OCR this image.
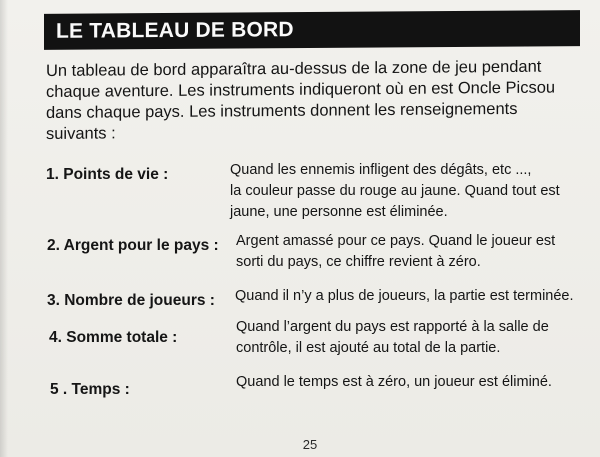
LE TABLEAU DE BORD

Un tableau de bord apparaîtra au-dessus de la zone de jeu pendant chaque aventure. Les instruments indiqueront où en est Oncle Picsou dans chaque pays. Les instruments donnent les renseignements suivants :

1. Points de vie :	Quand les ennemis infligent des dégâts, etc ...,
la couleur passe du rouge au jaune. Quand tout est
jaune, une personne est éliminée.
2. Argent pour le pays : Argent amassé pour ce pays. Quand le joueur est
sorti du pays, ce chiffre revient à zéro.
3. Nombre de joueurs : Quand il n’y a plus de joueurs, la partie est terminée.
4. Somme totale :
Quand l’argent du pays est rapporté à la salle de
contrôle, il est ajouté au total de la partie.
5 . Temps :	Quand le temps est à zéro, un joueur est éliminé.
25
